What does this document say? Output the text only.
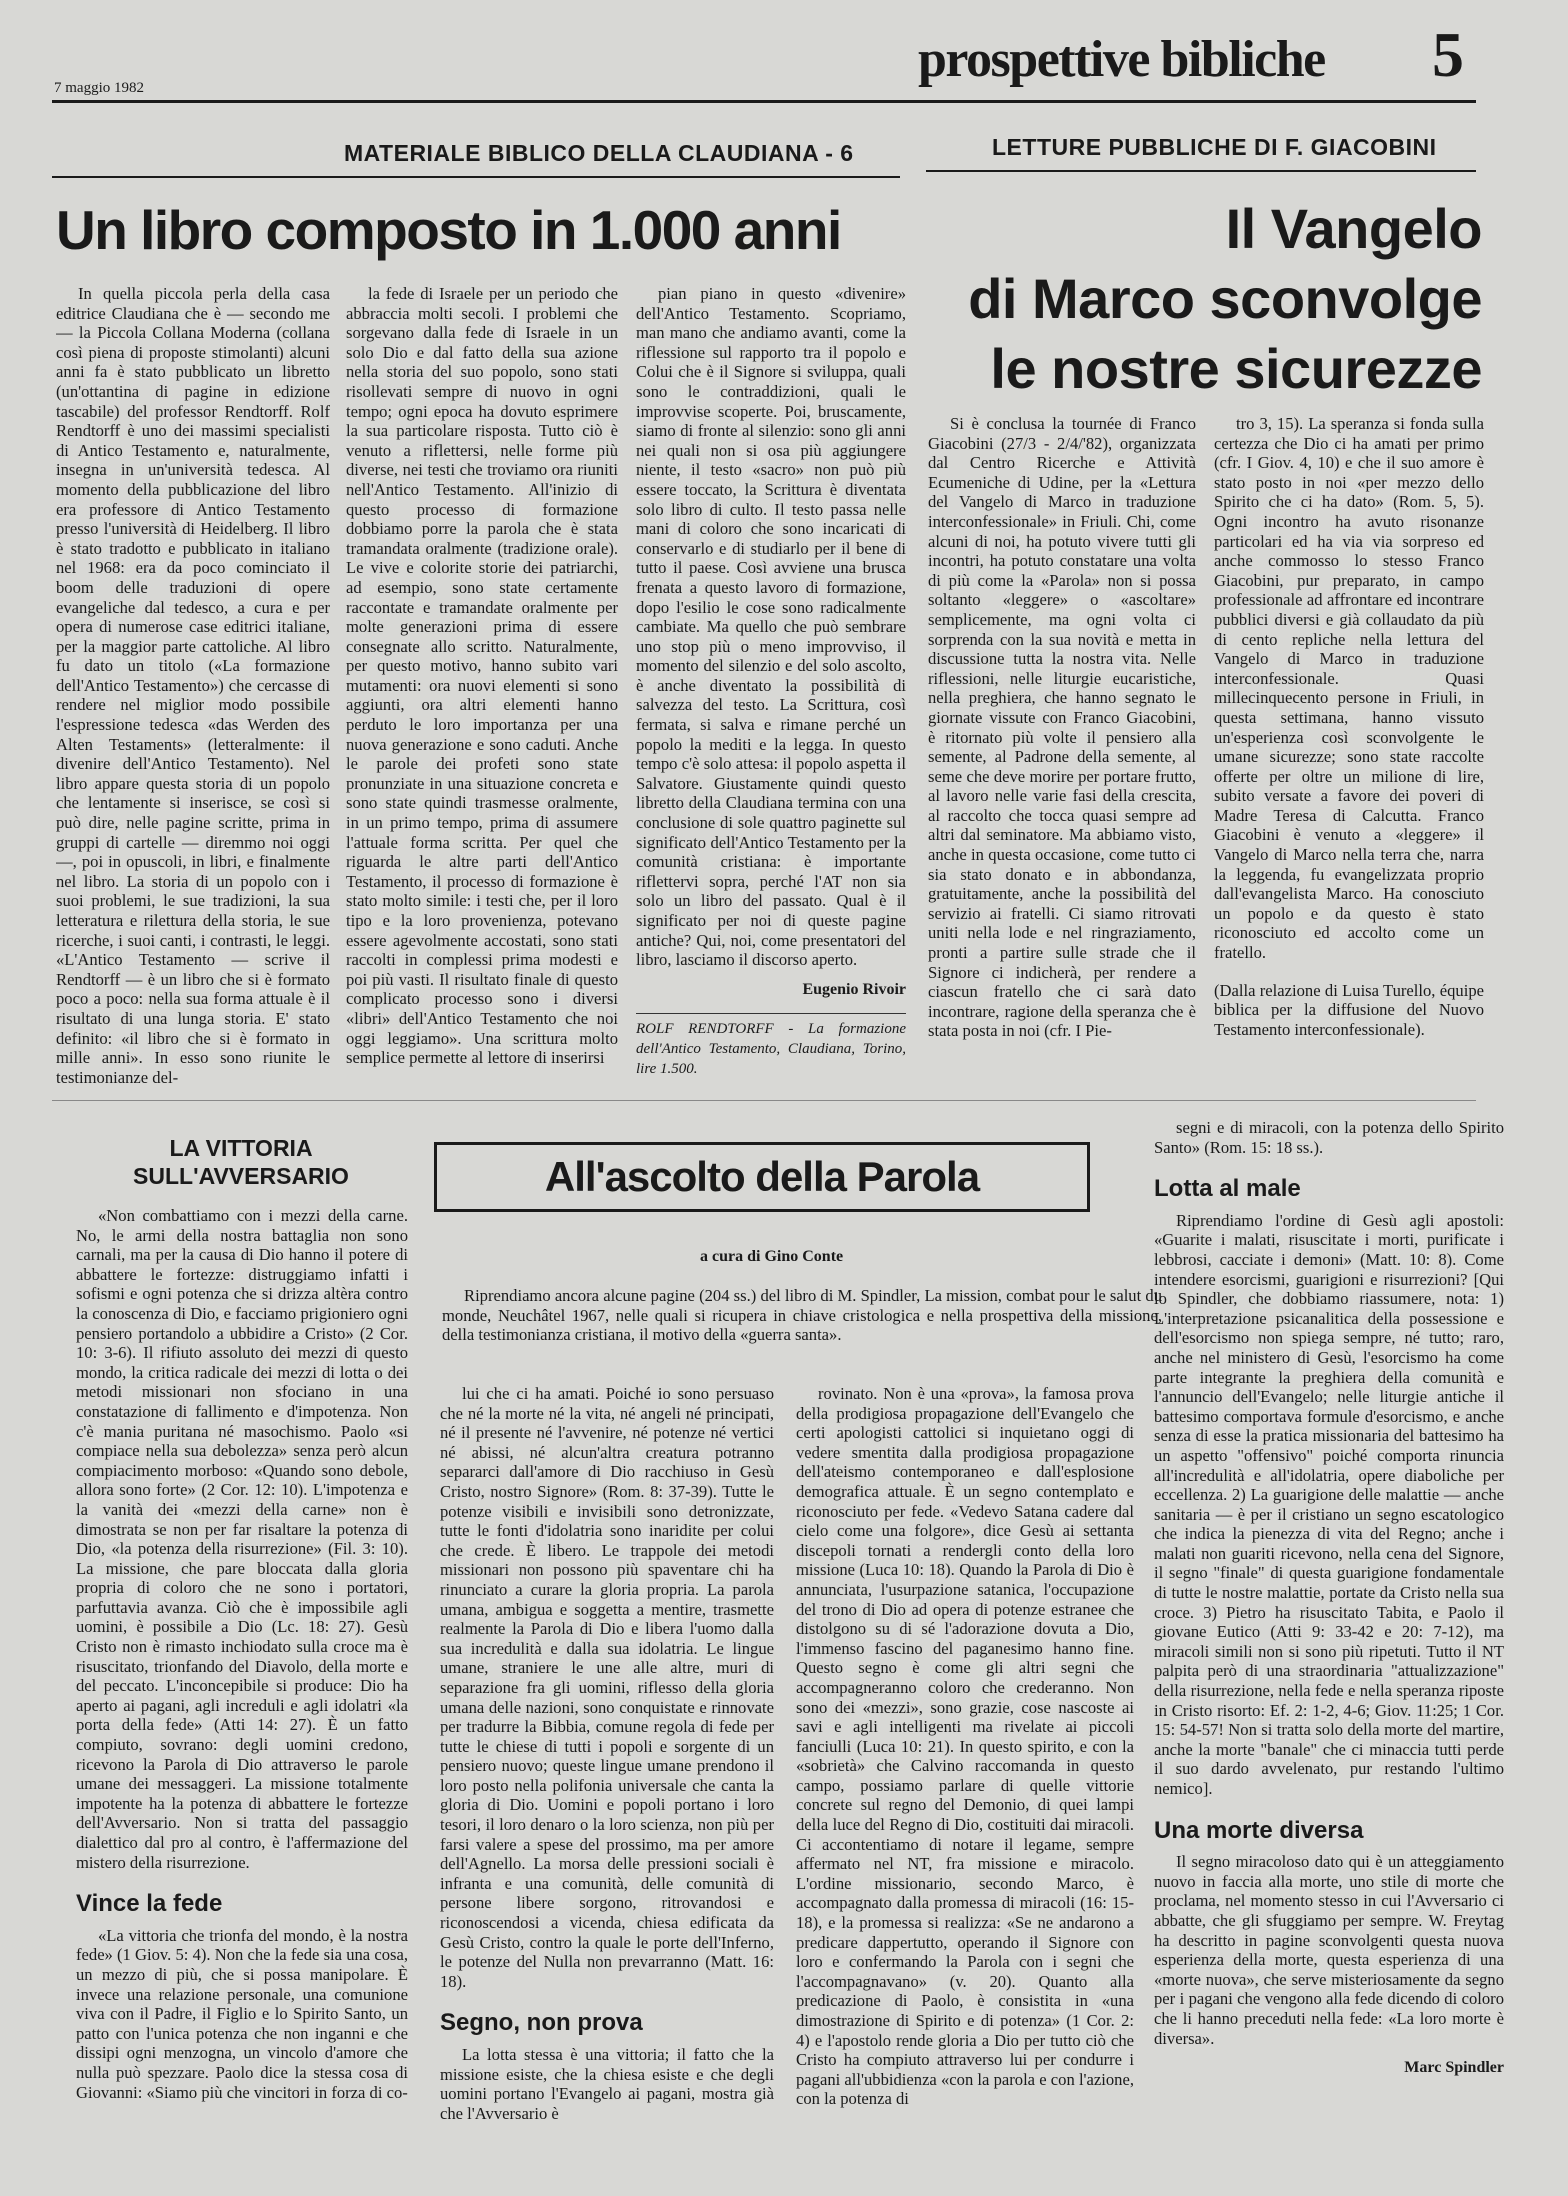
7 maggio 1982	prospettive bibliche 5
MATERIALE BIBLICO DELLA CLAUDIANA - 6
Un libro composto in 1.000 anni

In quella piccola perla della casa editrice Claudiana che è — secondo me — la Piccola Collana Moderna (collana così piena di proposte stimolanti) alcuni anni fa è stato pubblicato un libretto (un'ottantina di pagine in edizione tascabile) del professor Rendtorff. Rolf Rendtorff è uno dei massimi specialisti di Antico Testamento e, naturalmente, insegna in un'università tedesca. Al momento della pubblicazione del libro era professore di Antico Testamento presso l'università di Heidelberg. Il libro è stato tradotto e pubblicato in italiano nel 1968: era da poco cominciato il boom delle traduzioni di opere evangeliche dal tedesco, a cura e per opera di numerose case editrici italiane, per la maggior parte cattoliche. Al libro fu dato un titolo («La formazione dell'Antico Testamento») che cercasse di rendere nel miglior modo possibile l'espressione tedesca «das Werden des Alten Testaments» (letteralmente: il divenire dell'Antico Testamento). Nel libro appare questa storia di un popolo che lentamente si inserisce, se così si può dire, nelle pagine scritte, prima in gruppi di cartelle — diremmo noi oggi —, poi in opuscoli, in libri, e finalmente nel libro. La storia di un popolo con i suoi problemi, le sue tradizioni, la sua letteratura e rilettura della storia, le sue ricerche, i suoi canti, i contrasti, le leggi. «L'Antico Testamento — scrive il Rendtorff — è un libro che si è formato poco a poco: nella sua forma attuale è il risultato di una lunga storia. E' stato definito: «il libro che si è formato in mille anni». In esso sono riunite le testimonianze del-

la fede di Israele per un periodo che abbraccia molti secoli. I problemi che sorgevano dalla fede di Israele in un solo Dio e dal fatto della sua azione nella storia del suo popolo, sono stati risollevati sempre di nuovo in ogni tempo; ogni epoca ha dovuto esprimere la sua particolare risposta. Tutto ciò è venuto a riflettersi, nelle forme più diverse, nei testi che troviamo ora riuniti nell'Antico Testamento. All'inizio di questo processo di formazione dobbiamo porre la parola che è stata tramandata oralmente (tradizione orale). Le vive e colorite storie dei patriarchi, ad esempio, sono state certamente raccontate e tramandate oralmente per molte generazioni prima di essere consegnate allo scritto. Naturalmente, per questo motivo, hanno subito vari mutamenti: ora nuovi elementi si sono aggiunti, ora altri elementi hanno perduto le loro importanza per una nuova generazione e sono caduti. Anche le parole dei profeti sono state pronunziate in una situazione concreta e sono state quindi trasmesse oralmente, in un primo tempo, prima di assumere l'attuale forma scritta. Per quel che riguarda le altre parti dell'Antico Testamento, il processo di formazione è stato molto simile: i testi che, per il loro tipo e la loro provenienza, potevano essere agevolmente accostati, sono stati raccolti in complessi prima modesti e poi più vasti. Il risultato finale di questo complicato processo sono i diversi «libri» dell'Antico Testamento che noi oggi leggiamo». Una scrittura molto semplice permette al lettore di inserirsi

pian piano in questo «divenire» dell'Antico Testamento. Scopriamo, man mano che andiamo avanti, come la riflessione sul rapporto tra il popolo e Colui che è il Signore si sviluppa, quali sono le contraddizioni, quali le improvvise scoperte. Poi, bruscamente, siamo di fronte al silenzio: sono gli anni nei quali non si osa più aggiungere niente, il testo «sacro» non può più essere toccato, la Scrittura è diventata solo libro di culto. Il testo passa nelle mani di coloro che sono incaricati di conservarlo e di studiarlo per il bene di tutto il paese. Così avviene una brusca frenata a questo lavoro di formazione, dopo l'esilio le cose sono radicalmente cambiate. Ma quello che può sembrare uno stop più o meno improvviso, il momento del silenzio e del solo ascolto, è anche diventato la possibilità di salvezza del testo. La Scrittura, così fermata, si salva e rimane perché un popolo la mediti e la legga. In questo tempo c'è solo attesa: il popolo aspetta il Salvatore. Giustamente quindi questo libretto della Claudiana termina con una conclusione di sole quattro paginette sul significato dell'Antico Testamento per la comunità cristiana: è importante riflettervi sopra, perché l'AT non sia solo un libro del passato. Qual è il significato per noi di queste pagine antiche? Qui, noi, come presentatori del libro, lasciamo il discorso aperto.

Eugenio Rivoir
ROLF RENDTORFF - La formazione dell'Antico Testamento, Claudiana, Torino, lire 1.500.
LETTURE PUBBLICHE DI F. GIACOBINI
Il Vangelo
di Marco sconvolge
le nostre sicurezze

Si è conclusa la tournée di Franco Giacobini (27/3 - 2/4/'82), organizzata dal Centro Ricerche e Attività Ecumeniche di Udine, per la «Lettura del Vangelo di Marco in traduzione interconfessionale» in Friuli. Chi, come alcuni di noi, ha potuto vivere tutti gli incontri, ha potuto constatare una volta di più come la «Parola» non si possa soltanto «leggere» o «ascoltare» semplicemente, ma ogni volta ci sorprenda con la sua novità e metta in discussione tutta la nostra vita. Nelle riflessioni, nelle liturgie eucaristiche, nella preghiera, che hanno segnato le giornate vissute con Franco Giacobini, è ritornato più volte il pensiero alla semente, al Padrone della semente, al seme che deve morire per portare frutto, al lavoro nelle varie fasi della crescita, al raccolto che tocca quasi sempre ad altri dal seminatore. Ma abbiamo visto, anche in questa occasione, come tutto ci sia stato donato e in abbondanza, gratuitamente, anche la possibilità del servizio ai fratelli. Ci siamo ritrovati uniti nella lode e nel ringraziamento, pronti a partire sulle strade che il Signore ci indicherà, per rendere a ciascun fratello che ci sarà dato incontrare, ragione della speranza che è stata posta in noi (cfr. I Pie-

tro 3, 15). La speranza si fonda sulla certezza che Dio ci ha amati per primo (cfr. I Giov. 4, 10) e che il suo amore è stato posto in noi «per mezzo dello Spirito che ci ha dato» (Rom. 5, 5). Ogni incontro ha avuto risonanze particolari ed ha via via sorpreso ed anche commosso lo stesso Franco Giacobini, pur preparato, in campo professionale ad affrontare ed incontrare pubblici diversi e già collaudato da più di cento repliche nella lettura del Vangelo di Marco in traduzione interconfessionale. Quasi millecinquecento persone in Friuli, in questa settimana, hanno vissuto un'esperienza così sconvolgente le umane sicurezze; sono state raccolte offerte per oltre un milione di lire, subito versate a favore dei poveri di Madre Teresa di Calcutta. Franco Giacobini è venuto a «leggere» il Vangelo di Marco nella terra che, narra la leggenda, fu evangelizzata proprio dall'evangelista Marco. Ha conosciuto un popolo e da questo è stato riconosciuto ed accolto come un fratello.

(Dalla relazione di Luisa Turello, équipe biblica per la diffusione del Nuovo Testamento interconfessionale).
LA VITTORIA SULL'AVVERSARIO	All'ascolto della Parola
a cura di Gino Conte

Riprendiamo ancora alcune pagine (204 ss.) del libro di M. Spindler, La mission, combat pour le salut du monde, Neuchâtel 1967, nelle quali si ricupera in chiave cristologica e nella prospettiva della missione, della testimonianza cristiana, il motivo della «guerra santa».

«Non combattiamo con i mezzi della carne. No, le armi della nostra battaglia non sono carnali, ma per la causa di Dio hanno il potere di abbattere le fortezze: distruggiamo infatti i sofismi e ogni potenza che si drizza altèra contro la conoscenza di Dio, e facciamo prigioniero ogni pensiero portandolo a ubbidire a Cristo» (2 Cor. 10: 3-6). Il rifiuto assoluto dei mezzi di questo mondo, la critica radicale dei mezzi di lotta o dei metodi missionari non sfociano in una constatazione di fallimento e d'impotenza. Non c'è mania puritana né masochismo. Paolo «si compiace nella sua debolezza» senza però alcun compiacimento morboso: «Quando sono debole, allora sono forte» (2 Cor. 12: 10). L'impotenza e la vanità dei «mezzi della carne» non è dimostrata se non per far risaltare la potenza di Dio, «la potenza della risurrezione» (Fil. 3: 10). La missione, che pare bloccata dalla gloria propria di coloro che ne sono i portatori, parfuttavia avanza. Ciò che è impossibile agli uomini, è possibile a Dio (Lc. 18: 27). Gesù Cristo non è rimasto inchiodato sulla croce ma è risuscitato, trionfando del Diavolo, della morte e del peccato. L'inconcepibile si produce: Dio ha aperto ai pagani, agli increduli e agli idolatri «la porta della fede» (Atti 14: 27). È un fatto compiuto, sovrano: degli uomini credono, ricevono la Parola di Dio attraverso le parole umane dei messaggeri. La missione totalmente impotente ha la potenza di abbattere le fortezze dell'Avversario. Non si tratta del passaggio dialettico dal pro al contro, è l'affermazione del mistero della risurrezione.

Vince la fede

«La vittoria che trionfa del mondo, è la nostra fede» (1 Giov. 5: 4). Non che la fede sia una cosa, un mezzo di più, che si possa manipolare. È invece una relazione personale, una comunione viva con il Padre, il Figlio e lo Spirito Santo, un patto con l'unica potenza che non inganni e che dissipi ogni menzogna, un vincolo d'amore che nulla può spezzare. Paolo dice la stessa cosa di Giovanni: «Siamo più che vincitori in forza di co-

lui che ci ha amati. Poiché io sono persuaso che né la morte né la vita, né angeli né principati, né il presente né l'avvenire, né potenze né vertici né abissi, né alcun'altra creatura potranno separarci dall'amore di Dio racchiuso in Gesù Cristo, nostro Signore» (Rom. 8: 37-39). Tutte le potenze visibili e invisibili sono detronizzate, tutte le fonti d'idolatria sono inaridite per colui che crede. È libero. Le trappole dei metodi missionari non possono più spaventare chi ha rinunciato a curare la gloria propria. La parola umana, ambigua e soggetta a mentire, trasmette realmente la Parola di Dio e libera l'uomo dalla sua incredulità e dalla sua idolatria. Le lingue umane, straniere le une alle altre, muri di separazione fra gli uomini, riflesso della gloria umana delle nazioni, sono conquistate e rinnovate per tradurre la Bibbia, comune regola di fede per tutte le chiese di tutti i popoli e sorgente di un pensiero nuovo; queste lingue umane prendono il loro posto nella polifonia universale che canta la gloria di Dio. Uomini e popoli portano i loro tesori, il loro denaro o la loro scienza, non più per farsi valere a spese del prossimo, ma per amore dell'Agnello. La morsa delle pressioni sociali è infranta e una comunità, delle comunità di persone libere sorgono, ritrovandosi e riconoscendosi a vicenda, chiesa edificata da Gesù Cristo, contro la quale le porte dell'Inferno, le potenze del Nulla non prevarranno (Matt. 16: 18).

Segno, non prova

La lotta stessa è una vittoria; il fatto che la missione esiste, che la chiesa esiste e che degli uomini portano l'Evangelo ai pagani, mostra già che l'Avversario è

rovinato. Non è una «prova», la famosa prova della prodigiosa propagazione dell'Evangelo che certi apologisti cattolici si inquietano oggi di vedere smentita dalla prodigiosa propagazione dell'ateismo contemporaneo e dall'esplosione demografica attuale. È un segno contemplato e riconosciuto per fede. «Vedevo Satana cadere dal cielo come una folgore», dice Gesù ai settanta discepoli tornati a rendergli conto della loro missione (Luca 10: 18). Quando la Parola di Dio è annunciata, l'usurpazione satanica, l'occupazione del trono di Dio ad opera di potenze estranee che distolgono su di sé l'adorazione dovuta a Dio, l'immenso fascino del paganesimo hanno fine. Questo segno è come gli altri segni che accompagneranno coloro che crederanno. Non sono dei «mezzi», sono grazie, cose nascoste ai savi e agli intelligenti ma rivelate ai piccoli fanciulli (Luca 10: 21). In questo spirito, e con la «sobrietà» che Calvino raccomanda in questo campo, possiamo parlare di quelle vittorie concrete sul regno del Demonio, di quei lampi della luce del Regno di Dio, costituiti dai miracoli. Ci accontentiamo di notare il legame, sempre affermato nel NT, fra missione e miracolo. L'ordine missionario, secondo Marco, è accompagnato dalla promessa di miracoli (16: 15-18), e la promessa si realizza: «Se ne andarono a predicare dappertutto, operando il Signore con loro e confermando la Parola con i segni che l'accompagnavano» (v. 20). Quanto alla predicazione di Paolo, è consistita in «una dimostrazione di Spirito e di potenza» (1 Cor. 2: 4) e l'apostolo rende gloria a Dio per tutto ciò che Cristo ha compiuto attraverso lui per condurre i pagani all'ubbidienza «con la parola e con l'azione, con la potenza di

segni e di miracoli, con la potenza dello Spirito Santo» (Rom. 15: 18 ss.).

Lotta al male

Riprendiamo l'ordine di Gesù agli apostoli: «Guarite i malati, risuscitate i morti, purificate i lebbrosi, cacciate i demoni» (Matt. 10: 8). Come intendere esorcismi, guarigioni e risurrezioni? [Qui lo Spindler, che dobbiamo riassumere, nota: 1) L'interpretazione psicanalitica della possessione e dell'esorcismo non spiega sempre, né tutto; raro, anche nel ministero di Gesù, l'esorcismo ha come parte integrante la preghiera della comunità e l'annuncio dell'Evangelo; nelle liturgie antiche il battesimo comportava formule d'esorcismo, e anche senza di esse la pratica missionaria del battesimo ha un aspetto "offensivo" poiché comporta rinuncia all'incredulità e all'idolatria, opere diaboliche per eccellenza. 2) La guarigione delle malattie — anche sanitaria — è per il cristiano un segno escatologico che indica la pienezza di vita del Regno; anche i malati non guariti ricevono, nella cena del Signore, il segno "finale" di questa guarigione fondamentale di tutte le nostre malattie, portate da Cristo nella sua croce. 3) Pietro ha risuscitato Tabita, e Paolo il giovane Eutico (Atti 9: 33-42 e 20: 7-12), ma miracoli simili non si sono più ripetuti. Tutto il NT palpita però di una straordinaria "attualizzazione" della risurrezione, nella fede e nella speranza riposte in Cristo risorto: Ef. 2: 1-2, 4-6; Giov. 11:25; 1 Cor. 15: 54-57! Non si tratta solo della morte del martire, anche la morte "banale" che ci minaccia tutti perde il suo dardo avvelenato, pur restando l'ultimo nemico].

Una morte diversa

Il segno miracoloso dato qui è un atteggiamento nuovo in faccia alla morte, uno stile di morte che proclama, nel momento stesso in cui l'Avversario ci abbatte, che gli sfuggiamo per sempre. W. Freytag ha descritto in pagine sconvolgenti questa nuova esperienza della morte, questa esperienza di una «morte nuova», che serve misteriosamente da segno per i pagani che vengono alla fede dicendo di coloro che li hanno preceduti nella fede: «La loro morte è diversa».

Marc Spindler
